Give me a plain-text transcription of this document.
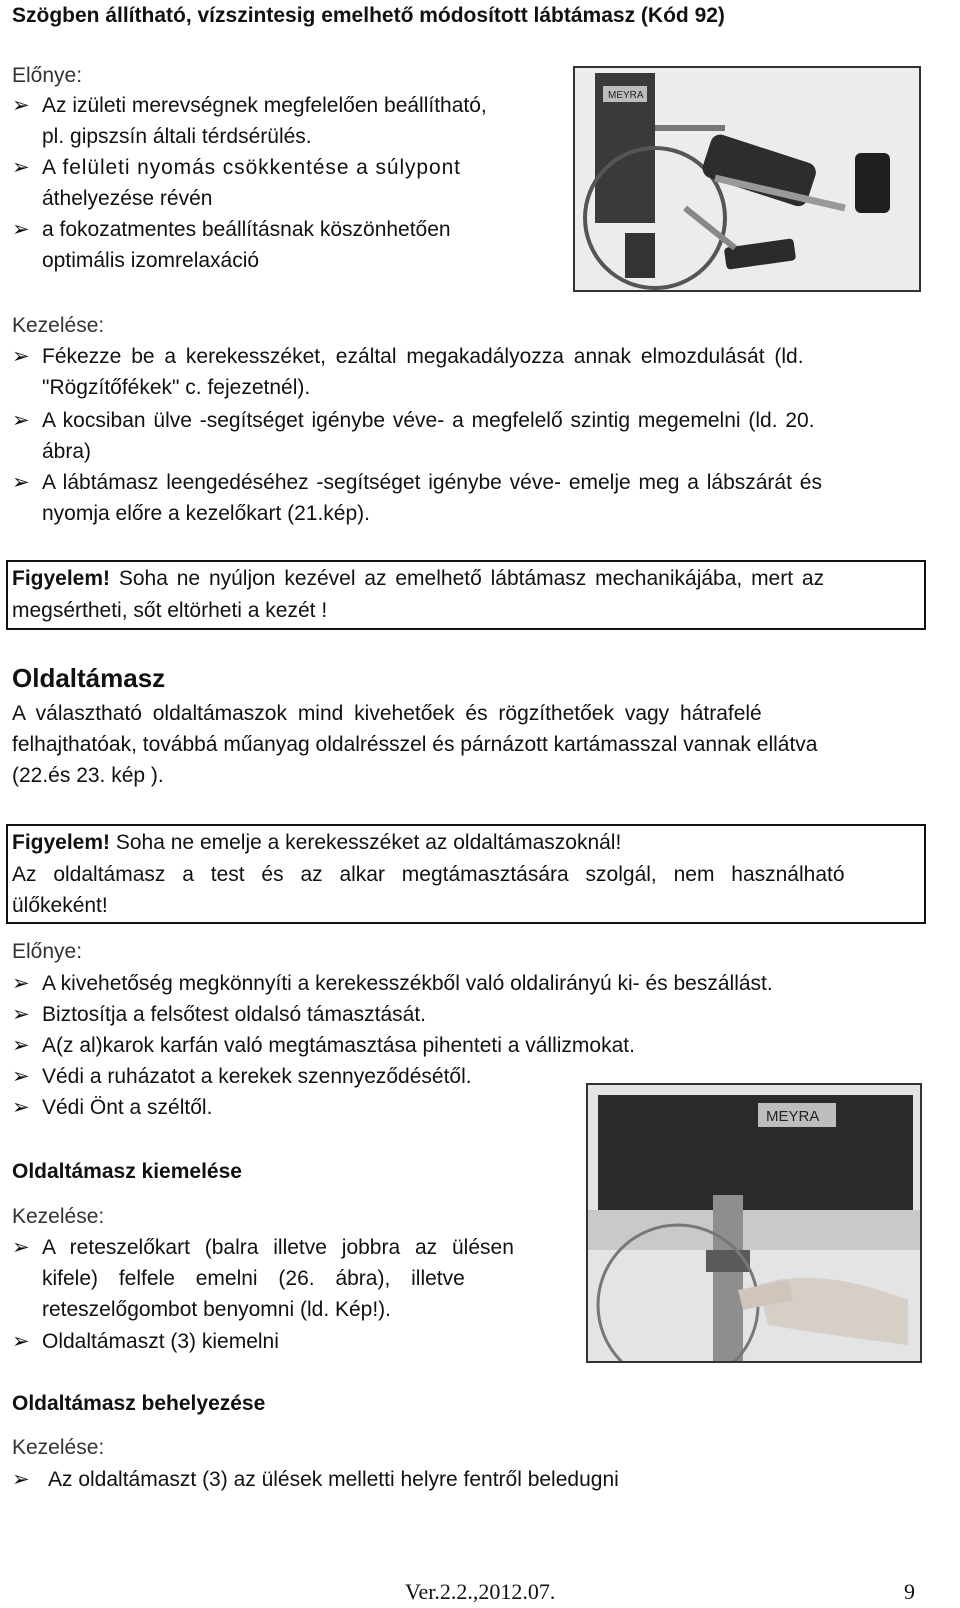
Szögben állítható, vízszintesig emelhető módosított lábtámasz (Kód 92)
Előnye:
➢ Az izületi merevségnek megfelelően beállítható,
pl. gipszsín általi térdsérülés.
➢ A felületi nyomás csökkentése a súlypont
áthelyezése révén
➢ a fokozatmentes beállításnak köszönhetően
optimális izomrelaxáció
MEYRA
Kezelése:
➢ Fékezze be a kerekesszéket, ezáltal megakadályozza annak elmozdulását (ld.
"Rögzítőfékek" c. fejezetnél).
➢ A kocsiban ülve -segítséget igénybe véve- a megfelelő szintig megemelni (ld. 20.
ábra)
➢ A lábtámasz leengedéséhez -segítséget igénybe véve- emelje meg a lábszárát és
nyomja előre a kezelőkart (21.kép).
Figyelem! Soha ne nyúljon kezével az emelhető lábtámasz mechanikájába, mert az
megsértheti, sőt eltörheti a kezét !
Oldaltámasz
A választható oldaltámaszok mind kivehetőek és rögzíthetőek vagy hátrafelé
felhajthatóak, továbbá műanyag oldalrésszel és párnázott kartámasszal vannak ellátva
(22.és 23. kép ).
Figyelem! Soha ne emelje a kerekesszéket az oldaltámaszoknál!
Az oldaltámasz a test és az alkar megtámasztására szolgál, nem használható
ülőkeként!
Előnye:
➢ A kivehetőség megkönnyíti a kerekesszékből való oldalirányú ki- és beszállást.
➢ Biztosítja a felsőtest oldalsó támasztását.
➢ A(z al)karok karfán való megtámasztása pihenteti a vállizmokat.
➢ Védi a ruházatot a kerekek szennyeződésétől.
➢ Védi Önt a széltől.	MEYRA
Oldaltámasz kiemelése
Kezelése:
➢ A reteszelőkart (balra illetve jobbra az ülésen
kifele) felfele emelni (26. ábra), illetve
reteszelőgombot benyomni (ld. Kép!).
➢ Oldaltámaszt (3) kiemelni
Oldaltámasz behelyezése
Kezelése:
➢ Az oldaltámaszt (3) az ülések melletti helyre fentről beledugni
Ver.2.2.,2012.07.	9
